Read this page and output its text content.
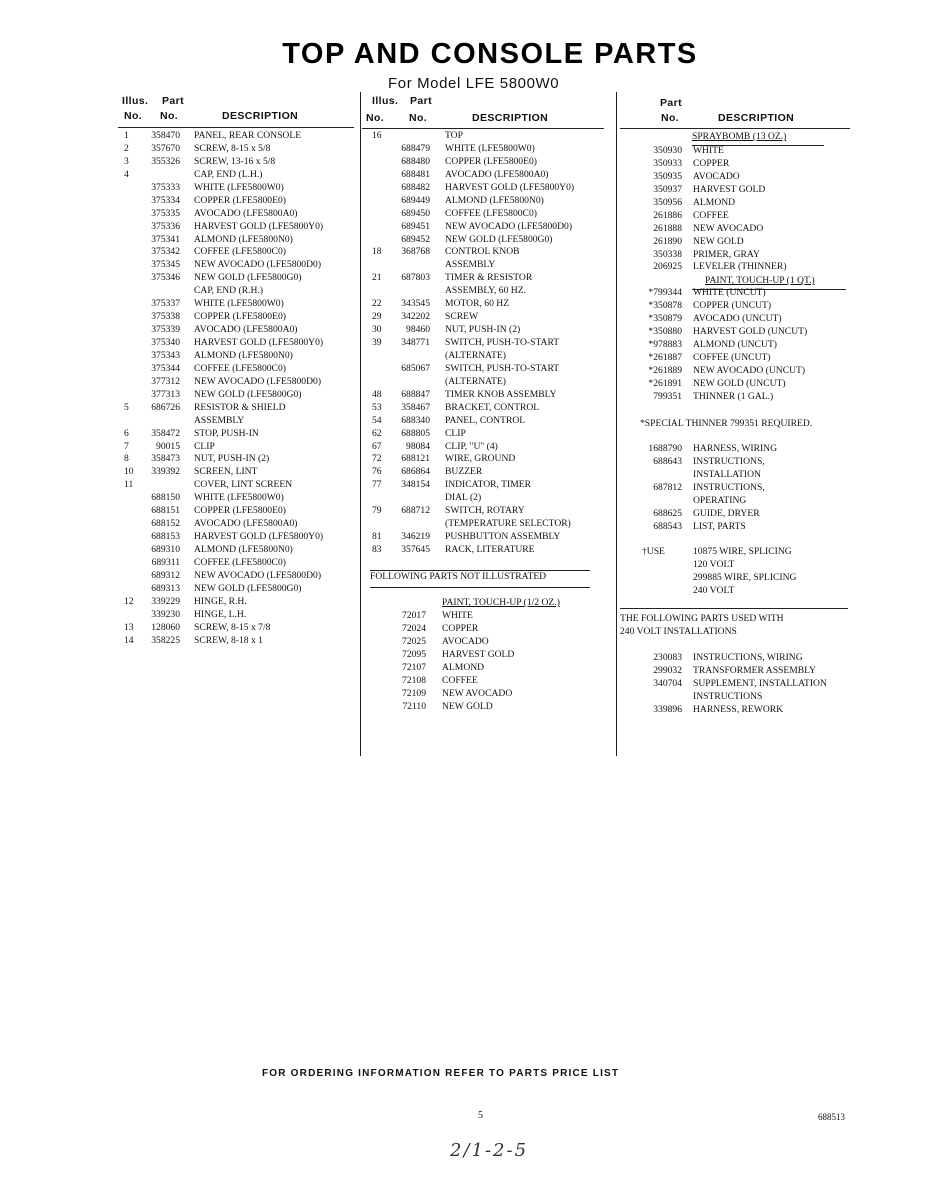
TOP AND CONSOLE PARTS
For Model LFE 5800W0
Illus. Part
No. No.	DESCRIPTION
1	358470 PANEL, REAR CONSOLE
2	357670 SCREW, 8-15 x 5/8
3	355326 SCREW, 13-16 x 5/8
4	CAP, END (L.H.)
375333 WHITE (LFE5800W0)
375334 COPPER (LFE5800E0)
375335 AVOCADO (LFE5800A0)
375336 HARVEST GOLD (LFE5800Y0)
375341 ALMOND (LFE5800N0)
375342 COFFEE (LFE5800C0)
375345 NEW AVOCADO (LFE5800D0)
375346 NEW GOLD (LFE5800G0)
CAP, END (R.H.)
375337 WHITE (LFE5800W0)
375338 COPPER (LFE5800E0)
375339 AVOCADO (LFE5800A0)
375340 HARVEST GOLD (LFE5800Y0)
375343 ALMOND (LFE5800N0)
375344 COFFEE (LFE5800C0)
377312 NEW AVOCADO (LFE5800D0)
377313 NEW GOLD (LFE5800G0)
5	686726 RESISTOR & SHIELD
ASSEMBLY
6	358472 STOP, PUSH-IN
7	90015 CLIP
8	358473 NUT, PUSH-IN (2)
10	339392 SCREEN, LINT
11	COVER, LINT SCREEN
688150 WHITE (LFE5800W0)
688151 COPPER (LFE5800E0)
688152 AVOCADO (LFE5800A0)
688153 HARVEST GOLD (LFE5800Y0)
689310 ALMOND (LFE5800N0)
689311 COFFEE (LFE5800C0)
689312 NEW AVOCADO (LFE5800D0)
689313 NEW GOLD (LFE5800G0)
12	339229 HINGE, R.H.
339230 HINGE, L.H.
13	128060 SCREW, 8-15 x 7/8
14	358225 SCREW, 8-18 x 1
Illus. Part
No. No.	DESCRIPTION
16	TOP
688479 WHITE (LFE5800W0)
688480 COPPER (LFE5800E0)
688481 AVOCADO (LFE5800A0)
688482 HARVEST GOLD (LFE5800Y0)
689449 ALMOND (LFE5800N0)
689450 COFFEE (LFE5800C0)
689451 NEW AVOCADO (LFE5800D0)
689452 NEW GOLD (LFE5800G0)
18	368768 CONTROL KNOB
ASSEMBLY
21	687803 TIMER & RESISTOR
ASSEMBLY, 60 HZ.
22	343545 MOTOR, 60 HZ
29	342202 SCREW
30	98460 NUT, PUSH-IN (2)
39	348771 SWITCH, PUSH-TO-START
(ALTERNATE)
685067 SWITCH, PUSH-TO-START
(ALTERNATE)
48	688847 TIMER KNOB ASSEMBLY
53	358467 BRACKET, CONTROL
54	688340 PANEL, CONTROL
62	688805 CLIP
67	98084 CLIP, "U" (4)
72	688121 WIRE, GROUND
76	686864 BUZZER
77	348154 INDICATOR, TIMER
DIAL (2)
79	688712 SWITCH, ROTARY
(TEMPERATURE SELECTOR)
81	346219 PUSHBUTTON ASSEMBLY
83	357645 RACK, LITERATURE
FOLLOWING PARTS NOT ILLUSTRATED
PAINT, TOUCH-UP (1/2 OZ.)
72017 WHITE
72024 COPPER
72025 AVOCADO
72095 HARVEST GOLD
72107 ALMOND
72108 COFFEE
72109 NEW AVOCADO
72110 NEW GOLD
Part
No.	DESCRIPTION
SPRAYBOMB (13 OZ.)
350930 WHITE
350933 COPPER
350935 AVOCADO
350937 HARVEST GOLD
350956 ALMOND
261886 COFFEE
261888 NEW AVOCADO
261890 NEW GOLD
350338 PRIMER, GRAY
206925 LEVELER (THINNER)
PAINT, TOUCH-UP (1 QT.)
*799344 WHITE (UNCUT)
*350878 COPPER (UNCUT)
*350879 AVOCADO (UNCUT)
*350880 HARVEST GOLD (UNCUT)
*978883 ALMOND (UNCUT)
*261887 COFFEE (UNCUT)
*261889 NEW AVOCADO (UNCUT)
*261891 NEW GOLD (UNCUT)
799351 THINNER (1 GAL.)
*SPECIAL THINNER 799351 REQUIRED.
1688790 HARNESS, WIRING
688643 INSTRUCTIONS,
INSTALLATION
687812 INSTRUCTIONS,
OPERATING
688625 GUIDE, DRYER
688543 LIST, PARTS
†USE	10875 WIRE, SPLICING
120 VOLT
299885 WIRE, SPLICING
240 VOLT
THE FOLLOWING PARTS USED WITH
240 VOLT INSTALLATIONS
230083 INSTRUCTIONS, WIRING
299032 TRANSFORMER ASSEMBLY
340704 SUPPLEMENT, INSTALLATION
INSTRUCTIONS
339896 HARNESS, REWORK
FOR ORDERING INFORMATION REFER TO PARTS PRICE LIST
5	688513
2/1-2-5
